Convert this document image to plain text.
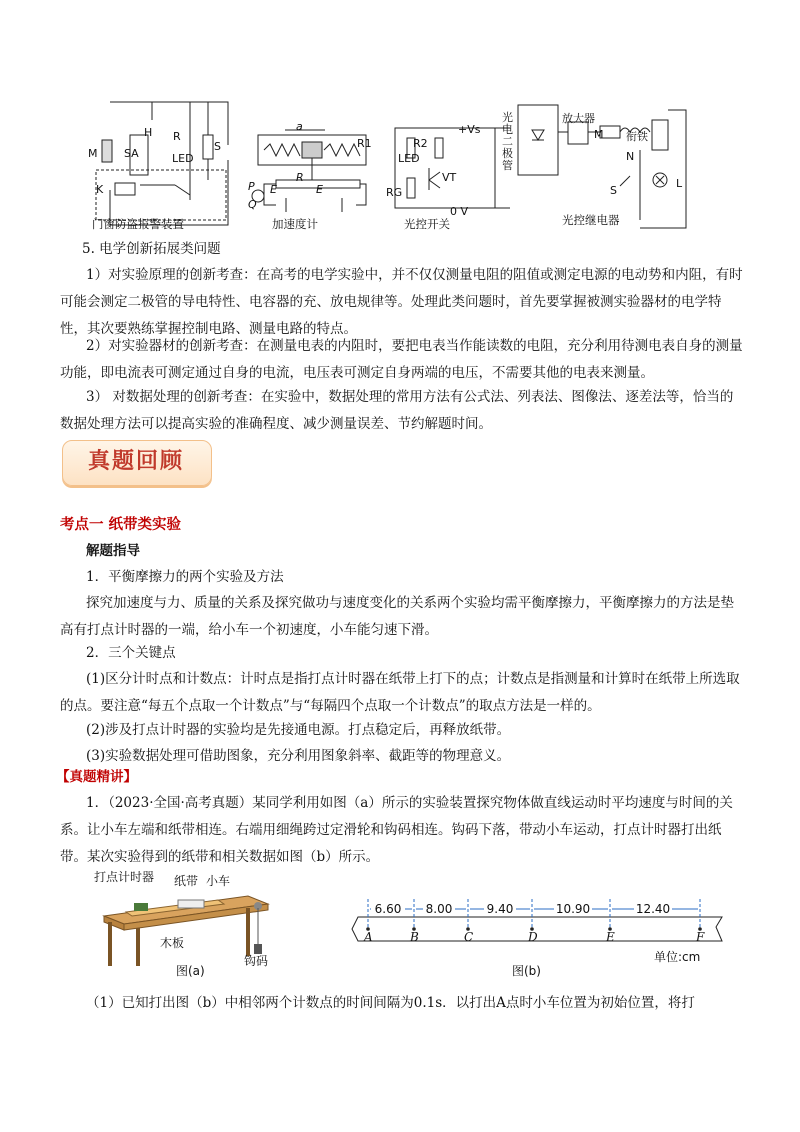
M SA
H R
S
LED
K
a
P
Q
E
R
E
+Vs
R1	R2
LED
VT
RG
0 V
光电二极管
放大器
M 衔铁
N
S
L
门窗防盗报警装置	加速度计	光控开关	光控继电器
5. 电学创新拓展类问题
1）对实验原理的创新考查：在高考的电学实验中，并不仅仅测量电阻的阻值或测定电源的电动势和内阻，有时可能会测定二极管的导电特性、电容器的充、放电规律等。处理此类问题时，首先要掌握被测实验器材的电学特性，其次要熟练掌握控制电路、测量电路的特点。
2）对实验器材的创新考查：在测量电表的内阻时，要把电表当作能读数的电阻，充分利用待测电表自身的测量功能，即电流表可测定通过自身的电流，电压表可测定自身两端的电压，不需要其他的电表来测量。
3） 对数据处理的创新考查：在实验中，数据处理的常用方法有公式法、列表法、图像法、逐差法等，恰当的数据处理方法可以提高实验的准确程度、减少测量误差、节约解题时间。
真题回顾
考点一 纸带类实验
解题指导
1．平衡摩擦力的两个实验及方法
探究加速度与力、质量的关系及探究做功与速度变化的关系两个实验均需平衡摩擦力，平衡摩擦力的方法是垫高有打点计时器的一端，给小车一个初速度，小车能匀速下滑。
2．三个关键点
(1)区分计时点和计数点：计时点是指打点计时器在纸带上打下的点；计数点是指测量和计算时在纸带上所选取的点。要注意“每五个点取一个计数点”与“每隔四个点取一个计数点”的取点方法是一样的。
(2)涉及打点计时器的实验均是先接通电源。打点稳定后，再释放纸带。
(3)实验数据处理可借助图象，充分利用图象斜率、截距等的物理意义。
【真题精讲】
1．（2023·全国·高考真题）某同学利用如图（a）所示的实验装置探究物体做直线运动时平均速度与时间的关系。让小车左端和纸带相连。右端用细绳跨过定滑轮和钩码相连。钩码下落，带动小车运动，打点计时器打出纸带。某次实验得到的纸带和相关数据如图（b）所示。
打点计时器 纸带 小车
木板
钩码
图(a)
6.60	8.00	9.40	10.90	12.40
A	B	C	D	E	F
单位:cm
图(b)
（1）已知打出图（b）中相邻两个计数点的时间间隔为0.1s．以打出A点时小车位置为初始位置，将打
